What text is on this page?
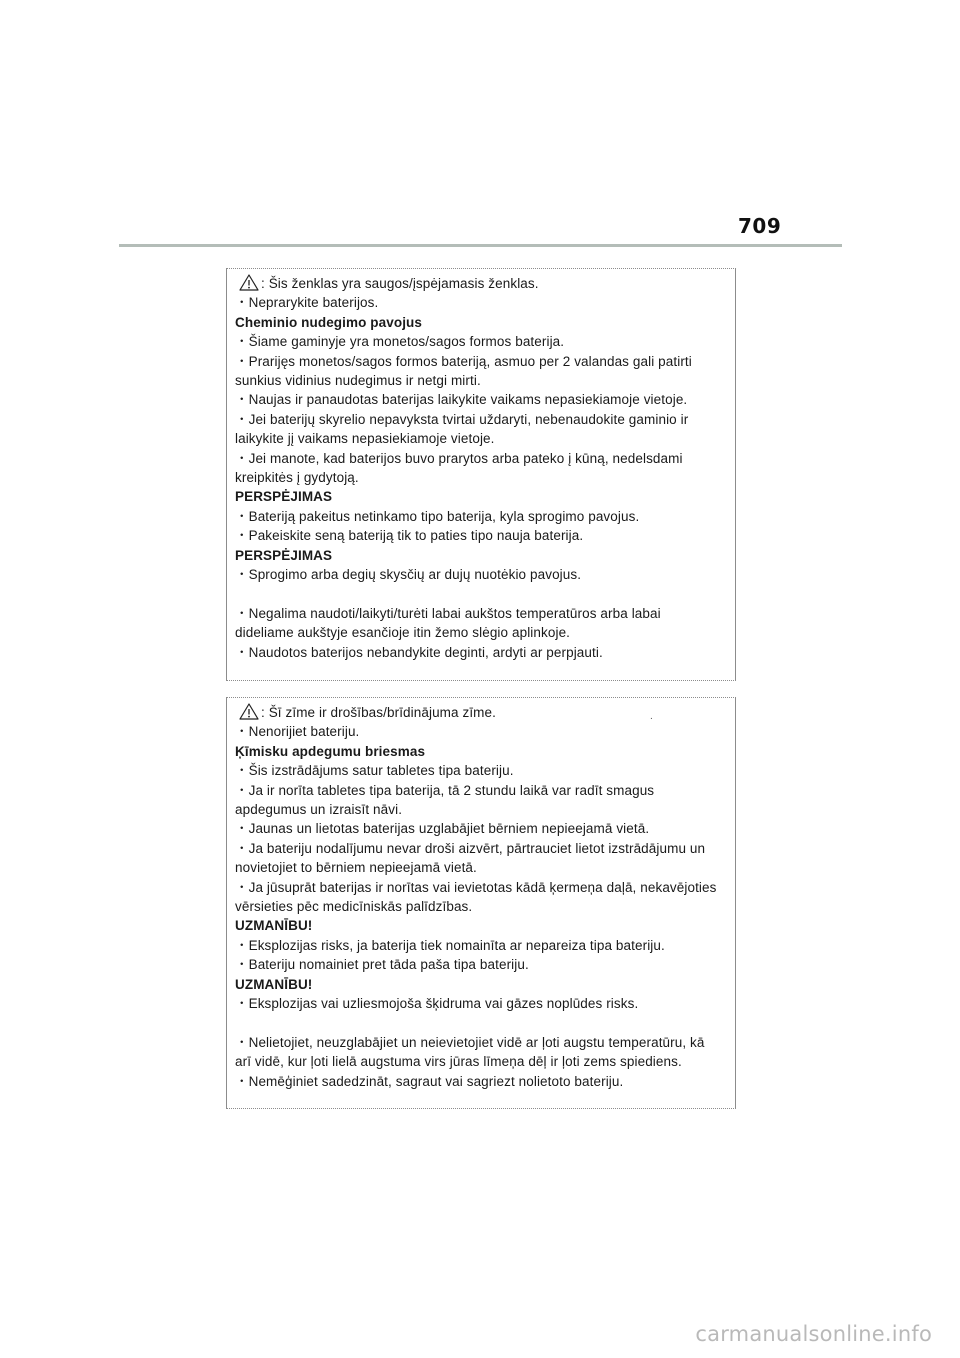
709
: Šis ženklas yra saugos/įspėjamasis ženklas.
・Neprarykite baterijos.
Cheminio nudegimo pavojus
・Šiame gaminyje yra monetos/sagos formos baterija.
・Prarijęs monetos/sagos formos bateriją, asmuo per 2 valandas gali patirti
sunkius vidinius nudegimus ir netgi mirti.
・Naujas ir panaudotas baterijas laikykite vaikams nepasiekiamoje vietoje.
・Jei baterijų skyrelio nepavyksta tvirtai uždaryti, nebenaudokite gaminio ir
laikykite jį vaikams nepasiekiamoje vietoje.
・Jei manote, kad baterijos buvo prarytos arba pateko į kūną, nedelsdami
kreipkitės į gydytoją.
PERSPĖJIMAS
・Bateriją pakeitus netinkamo tipo baterija, kyla sprogimo pavojus.
・Pakeiskite seną bateriją tik to paties tipo nauja baterija.
PERSPĖJIMAS
・Sprogimo arba degių skysčių ar dujų nuotėkio pavojus.
・Negalima naudoti/laikyti/turėti labai aukštos temperatūros arba labai
dideliame aukštyje esančioje itin žemo slėgio aplinkoje.
・Naudotos baterijos nebandykite deginti, ardyti ar perpjauti.
.
: Šī zīme ir drošības/brīdinājuma zīme.
・Nenorijiet bateriju.
Ķīmisku apdegumu briesmas
・Šis izstrādājums satur tabletes tipa bateriju.
・Ja ir norīta tabletes tipa baterija, tā 2 stundu laikā var radīt smagus
apdegumus un izraisīt nāvi.
・Jaunas un lietotas baterijas uzglabājiet bērniem nepieejamā vietā.
・Ja bateriju nodalījumu nevar droši aizvērt, pārtrauciet lietot izstrādājumu un
novietojiet to bērniem nepieejamā vietā.
・Ja jūsuprāt baterijas ir norītas vai ievietotas kādā ķermeņa daļā, nekavējoties
vērsieties pēc medicīniskās palīdzības.
UZMANĪBU!
・Eksplozijas risks, ja baterija tiek nomainīta ar nepareiza tipa bateriju.
・Bateriju nomainiet pret tāda paša tipa bateriju.
UZMANĪBU!
・Eksplozijas vai uzliesmojoša šķidruma vai gāzes noplūdes risks.
・Nelietojiet, neuzglabājiet un neievietojiet vidē ar ļoti augstu temperatūru, kā
arī vidē, kur ļoti lielā augstuma virs jūras līmeņa dēļ ir ļoti zems spiediens.
・Nemēģiniet sadedzināt, sagraut vai sagriezt nolietoto bateriju.
carmanualsonline.info
